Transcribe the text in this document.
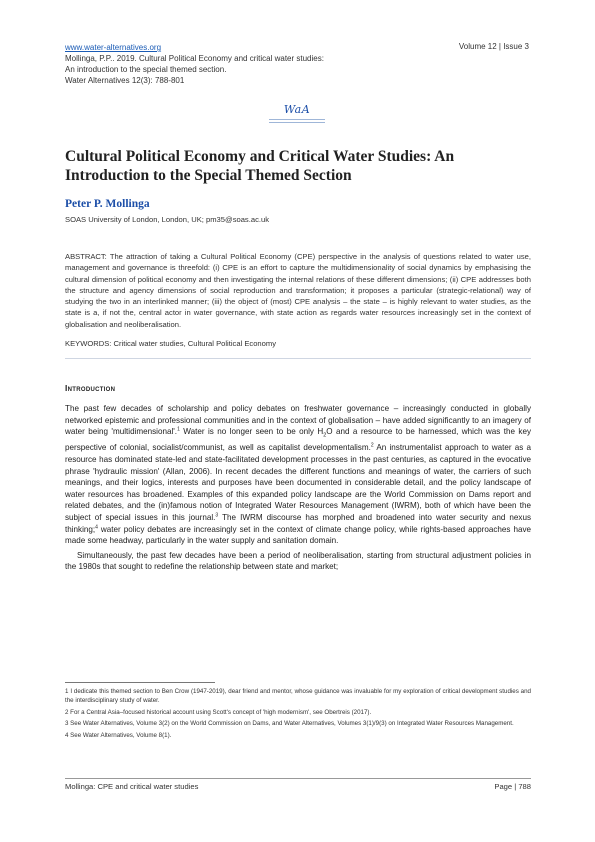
www.water-alternatives.org
Mollinga, P.P.. 2019. Cultural Political Economy and critical water studies:
An introduction to the special themed section.
Water Alternatives 12(3): 788-801
Volume 12 | Issue 3
WaA
Cultural Political Economy and Critical Water Studies: An Introduction to the Special Themed Section
Peter P. Mollinga
SOAS University of London, London, UK; pm35@soas.ac.uk
ABSTRACT: The attraction of taking a Cultural Political Economy (CPE) perspective in the analysis of questions related to water use, management and governance is threefold: (i) CPE is an effort to capture the multidimensionality of social dynamics by emphasising the cultural dimension of political economy and then investigating the internal relations of these different dimensions; (ii) CPE addresses both the structure and agency dimensions of social reproduction and transformation; it proposes a particular (strategic-relational) way of studying the two in an interlinked manner; (iii) the object of (most) CPE analysis – the state – is highly relevant to water studies, as the state is a, if not the, central actor in water governance, with state action as regards water resources increasingly set in the context of globalisation and neoliberalisation.
KEYWORDS: Critical water studies, Cultural Political Economy
Introduction

The past few decades of scholarship and policy debates on freshwater governance – increasingly conducted in globally networked epistemic and professional communities and in the context of globalisation – have added significantly to an imagery of water being 'multidimensional'.$^1$ Water is no longer seen to be only $H_2O$ and a resource to be harnessed, which was the key perspective of colonial, socialist/communist, as well as capitalist developmentalism.$^2$ An instrumentalist approach to water as a resource has dominated state-led and state-facilitated development processes in the past centuries, as captured in the evocative phrase 'hydraulic mission' (Allan, 2006). In recent decades the different functions and meanings of water, the carriers of such meanings, and their logics, interests and purposes have been documented in considerable detail, and the policy landscape of water resources has broadened. Examples of this expanded policy landscape are the World Commission on Dams report and related debates, and the (in)famous notion of Integrated Water Resources Management (IWRM), both of which have been the subject of special issues in this journal.$^3$ The IWRM discourse has morphed and broadened into water security and nexus thinking;$^4$ water policy debates are increasingly set in the context of climate change policy, while rights-based approaches have made some headway, particularly in the water supply and sanitation domain.

Simultaneously, the past few decades have been a period of neoliberalisation, starting from structural adjustment policies in the 1980s that sought to redefine the relationship between state and market;

1 I dedicate this themed section to Ben Crow (1947-2019), dear friend and mentor, whose guidance was invaluable for my exploration of critical development studies and the interdisciplinary study of water.

2 For a Central Asia–focused historical account using Scott's concept of 'high modernism', see Obertreis (2017).

3 See Water Alternatives, Volume 3(2) on the World Commission on Dams, and Water Alternatives, Volumes 3(1)/9(3) on Integrated Water Resources Management.

4 See Water Alternatives, Volume 8(1).

Mollinga: CPE and critical water studies	Page | 788
